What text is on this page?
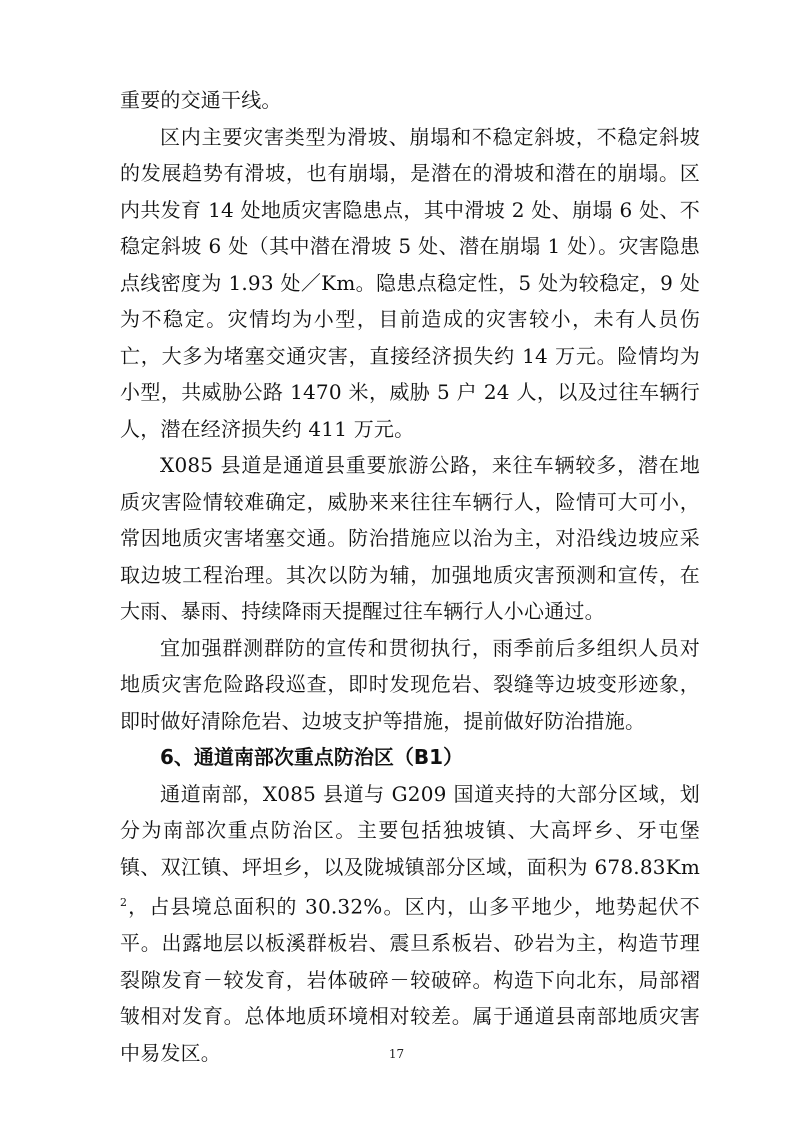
重要的交通干线。

区内主要灾害类型为滑坡、崩塌和不稳定斜坡，不稳定斜坡的发展趋势有滑坡，也有崩塌，是潜在的滑坡和潜在的崩塌。区内共发育 14 处地质灾害隐患点，其中滑坡 2 处、崩塌 6 处、不稳定斜坡 6 处（其中潜在滑坡 5 处、潜在崩塌 1 处）。灾害隐患点线密度为 1.93 处／Km。隐患点稳定性，5 处为较稳定，9 处为不稳定。灾情均为小型，目前造成的灾害较小，未有人员伤亡，大多为堵塞交通灾害，直接经济损失约 14 万元。险情均为小型，共威胁公路 1470 米，威胁 5 户 24 人，以及过往车辆行人，潜在经济损失约 411 万元。

X085 县道是通道县重要旅游公路，来往车辆较多，潜在地质灾害险情较难确定，威胁来来往往车辆行人，险情可大可小，常因地质灾害堵塞交通。防治措施应以治为主，对沿线边坡应采取边坡工程治理。其次以防为辅，加强地质灾害预测和宣传，在大雨、暴雨、持续降雨天提醒过往车辆行人小心通过。

宜加强群测群防的宣传和贯彻执行，雨季前后多组织人员对地质灾害危险路段巡查，即时发现危岩、裂缝等边坡变形迹象，即时做好清除危岩、边坡支护等措施，提前做好防治措施。

6、通道南部次重点防治区（B1）

通道南部，X085 县道与 G209 国道夹持的大部分区域，划分为南部次重点防治区。主要包括独坡镇、大高坪乡、牙屯堡镇、双江镇、坪坦乡，以及陇城镇部分区域，面积为 678.83Km$^2$，占县境总面积的 30.32%。区内，山多平地少，地势起伏不平。出露地层以板溪群板岩、震旦系板岩、砂岩为主，构造节理裂隙发育－较发育，岩体破碎－较破碎。构造下向北东，局部褶皱相对发育。总体地质环境相对较差。属于通道县南部地质灾害中易发区。	17
